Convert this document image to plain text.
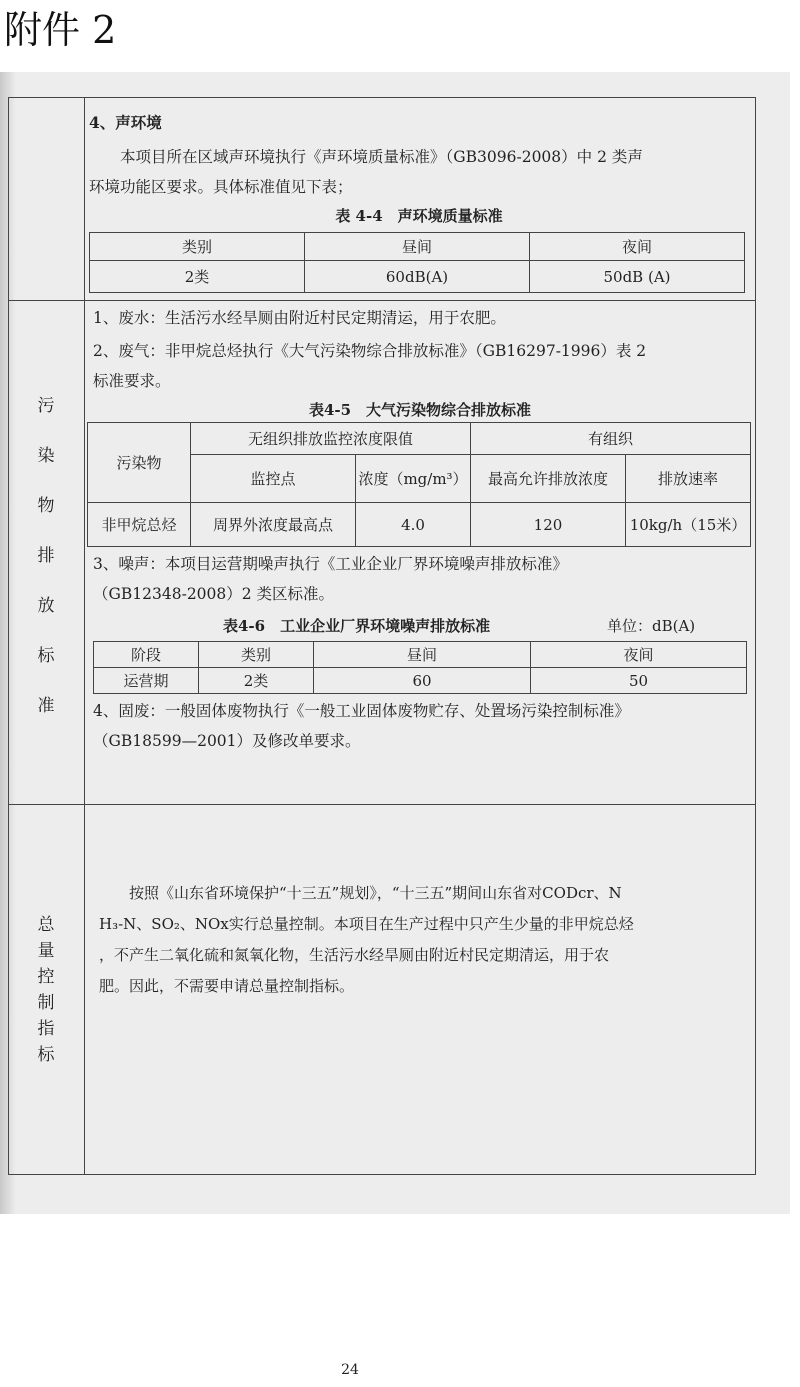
附件 2

4、声环境

本项目所在区域声环境执行《声环境质量标准》（GB3096-2008）中 2 类声

环境功能区要求。具体标准值见下表；

表 4-4　声环境质量标准

类别	昼间	夜间
2类	60dB(A)	50dB (A)
污
染
物
排
放
标
准

1、废水：生活污水经旱厕由附近村民定期清运，用于农肥。

2、废气：非甲烷总烃执行《大气污染物综合排放标准》（GB16297-1996）表 2

标准要求。

表4-5　大气污染物综合排放标准

污染物	无组织排放监控浓度限值		有组织	
	监控点	浓度（mg/m³）	最高允许排放浓度	排放速率
非甲烷总烃	周界外浓度最高点	4.0	120	10kg/h（15米）

3、噪声：本项目运营期噪声执行《工业企业厂界环境噪声排放标准》

（GB12348-2008）2 类区标准。

表4-6　工业企业厂界环境噪声排放标准	单位：dB(A)
阶段	类别	昼间	夜间
运营期	2类	60	50

4、固废：一般固体废物执行《一般工业固体废物贮存、处置场污染控制标准》

（GB18599—2001）及修改单要求。

总
量
控
制
指
标

按照《山东省环境保护“十三五”规划》，“十三五”期间山东省对CODcr、N

H₃-N、SO₂、NOx实行总量控制。本项目在生产过程中只产生少量的非甲烷总烃

，不产生二氧化硫和氮氧化物，生活污水经旱厕由附近村民定期清运，用于农

肥。因此，不需要申请总量控制指标。

24
